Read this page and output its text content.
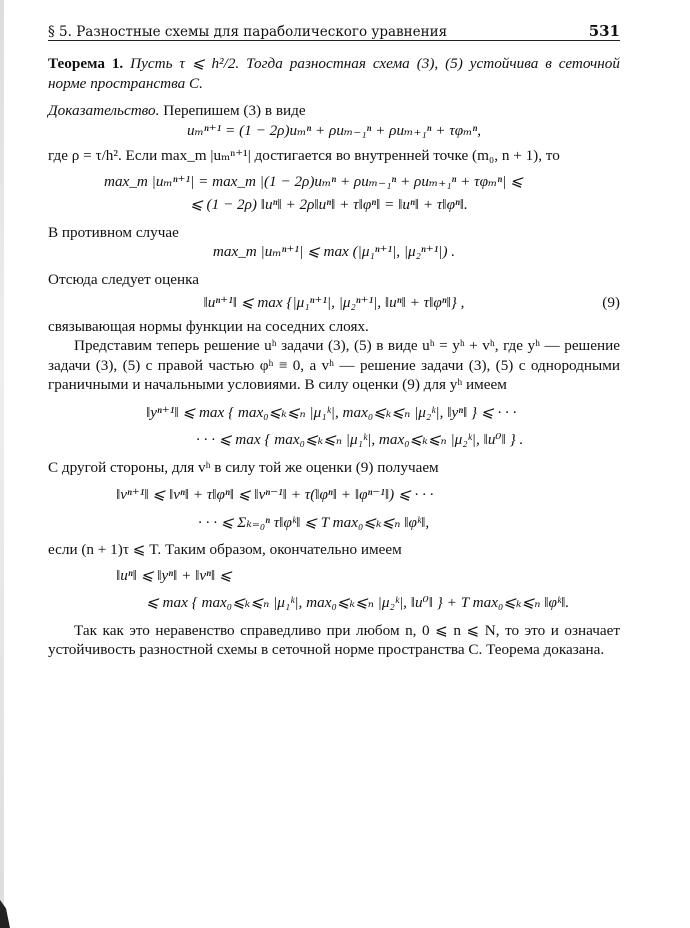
§ 5. Разностные схемы для параболического уравнения	531

Теорема 1. Пусть τ ⩽ h²/2. Тогда разностная схема (3), (5) устойчива в сеточной норме пространства C.

Доказательство. Перепишем (3) в виде

uₘⁿ⁺¹ = (1 − 2ρ)uₘⁿ + ρuₘ₋₁ⁿ + ρuₘ₊₁ⁿ + τφₘⁿ,

где ρ = τ/h². Если max_m |uₘⁿ⁺¹| достигается во внутренней точке (m₀, n + 1), то

max_m |uₘⁿ⁺¹| = max_m |(1 − 2ρ)uₘⁿ + ρuₘ₋₁ⁿ + ρuₘ₊₁ⁿ + τφₘⁿ| ⩽
⩽ (1 − 2ρ) ‖uⁿ‖ + 2ρ‖uⁿ‖ + τ‖φⁿ‖ = ‖uⁿ‖ + τ‖φⁿ‖.

В противном случае

max_m |uₘⁿ⁺¹| ⩽ max (|μ₁ⁿ⁺¹|, |μ₂ⁿ⁺¹|) .

Отсюда следует оценка

‖uⁿ⁺¹‖ ⩽ max {|μ₁ⁿ⁺¹|, |μ₂ⁿ⁺¹|, ‖uⁿ‖ + τ‖φⁿ‖} ,	(9)

связывающая нормы функции на соседних слоях.

Представим теперь решение uʰ задачи (3), (5) в виде uʰ = yʰ + vʰ, где yʰ — решение задачи (3), (5) с правой частью φʰ ≡ 0, а vʰ — решение задачи (3), (5) с однородными граничными и начальными условиями. В силу оценки (9) для yʰ имеем

‖yⁿ⁺¹‖ ⩽ max { max₀⩽ₖ⩽ₙ |μ₁ᵏ|, max₀⩽ₖ⩽ₙ |μ₂ᵏ|, ‖yⁿ‖ } ⩽ · · ·
· · · ⩽ max { max₀⩽ₖ⩽ₙ |μ₁ᵏ|, max₀⩽ₖ⩽ₙ |μ₂ᵏ|, ‖u⁰‖ } .

С другой стороны, для vʰ в силу той же оценки (9) получаем

‖vⁿ⁺¹‖ ⩽ ‖vⁿ‖ + τ‖φⁿ‖ ⩽ ‖vⁿ⁻¹‖ + τ(‖φⁿ‖ + ‖φⁿ⁻¹‖) ⩽ · · ·
· · · ⩽ Σₖ₌₀ⁿ τ‖φᵏ‖ ⩽ T max₀⩽ₖ⩽ₙ ‖φᵏ‖,

если (n + 1)τ ⩽ T. Таким образом, окончательно имеем

‖uⁿ‖ ⩽ ‖yⁿ‖ + ‖vⁿ‖ ⩽
⩽ max { max₀⩽ₖ⩽ₙ |μ₁ᵏ|, max₀⩽ₖ⩽ₙ |μ₂ᵏ|, ‖u⁰‖ } + T max₀⩽ₖ⩽ₙ ‖φᵏ‖.

Так как это неравенство справедливо при любом n, 0 ⩽ n ⩽ N, то это и означает устойчивость разностной схемы в сеточной норме пространства C. Теорема доказана.
